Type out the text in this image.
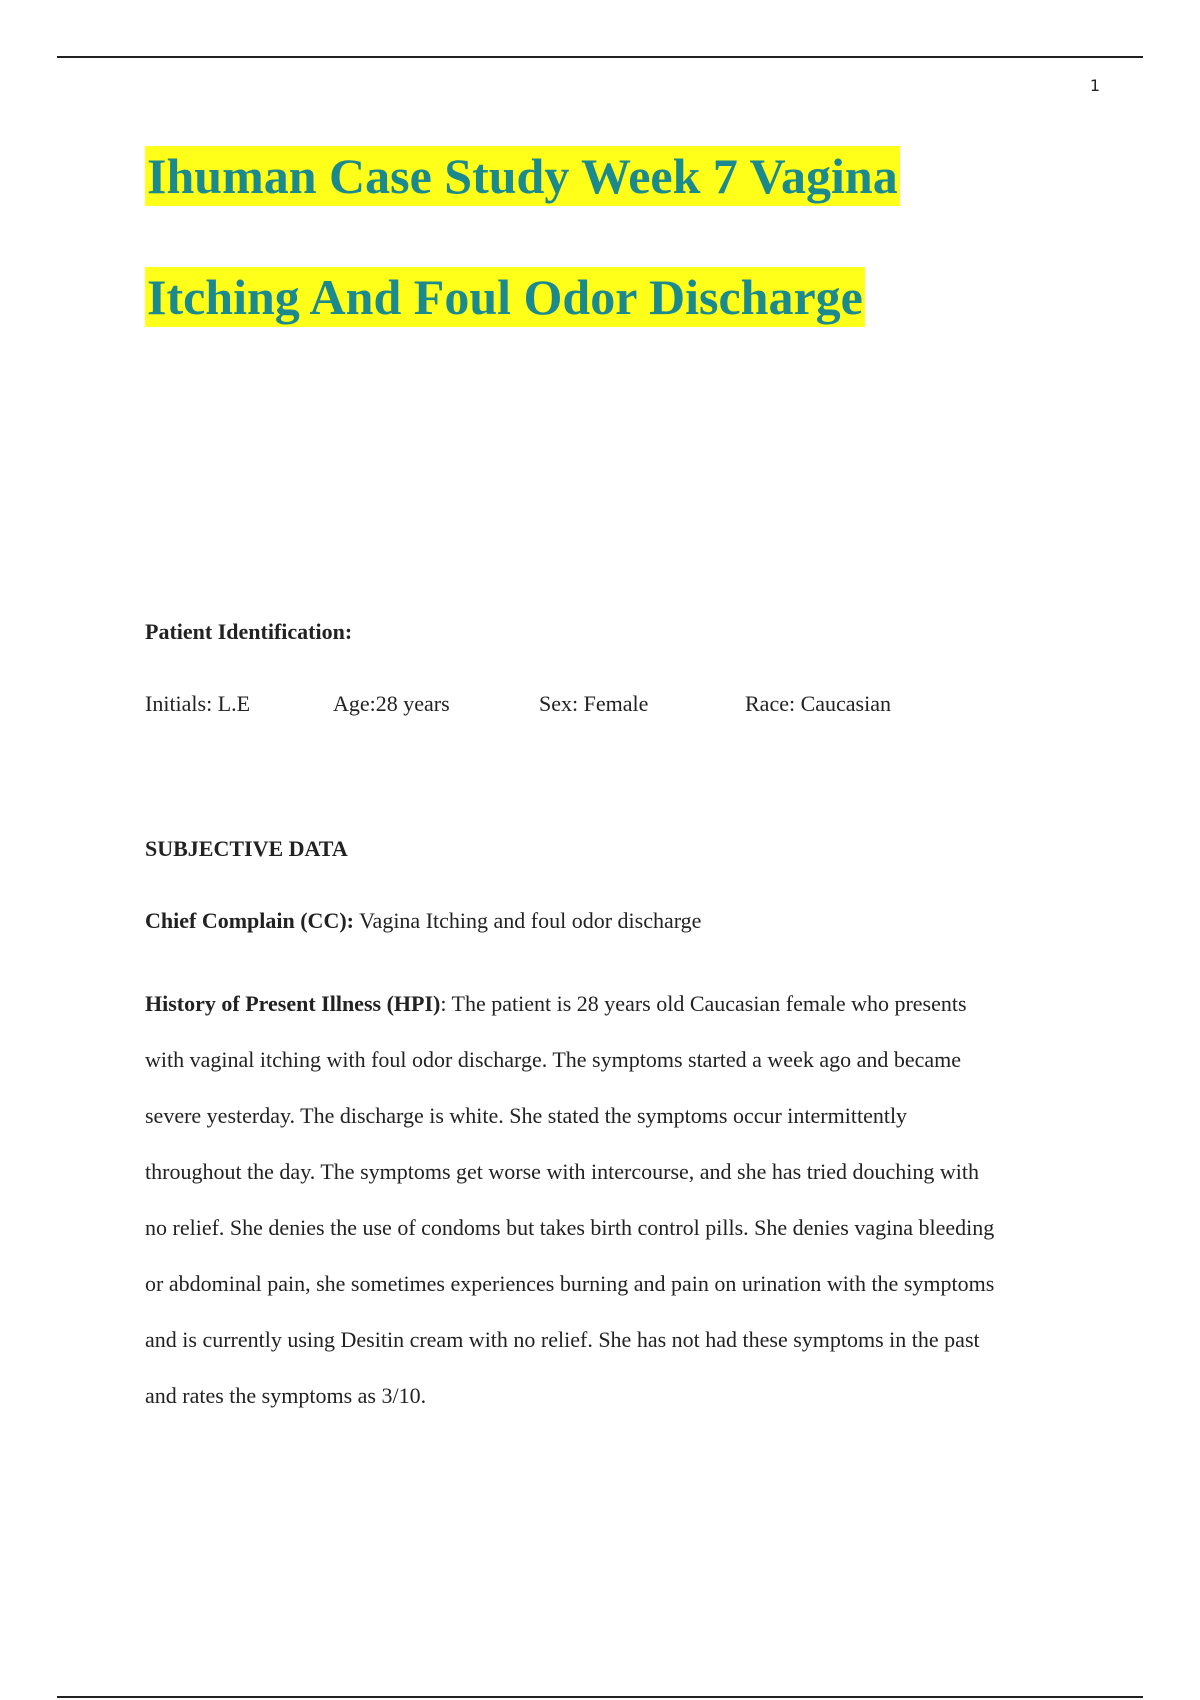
1
Ihuman Case Study Week 7 Vagina
Itching And Foul Odor Discharge
Patient Identification:
Initials: L.E	Age:28 years	Sex: Female	Race: Caucasian
SUBJECTIVE DATA
Chief Complain (CC): Vagina Itching and foul odor discharge
History of Present Illness (HPI): The patient is 28 years old Caucasian female who presents
with vaginal itching with foul odor discharge. The symptoms started a week ago and became
severe yesterday. The discharge is white. She stated the symptoms occur intermittently
throughout the day. The symptoms get worse with intercourse, and she has tried douching with
no relief. She denies the use of condoms but takes birth control pills. She denies vagina bleeding
or abdominal pain, she sometimes experiences burning and pain on urination with the symptoms
and is currently using Desitin cream with no relief. She has not had these symptoms in the past
and rates the symptoms as 3/10.
